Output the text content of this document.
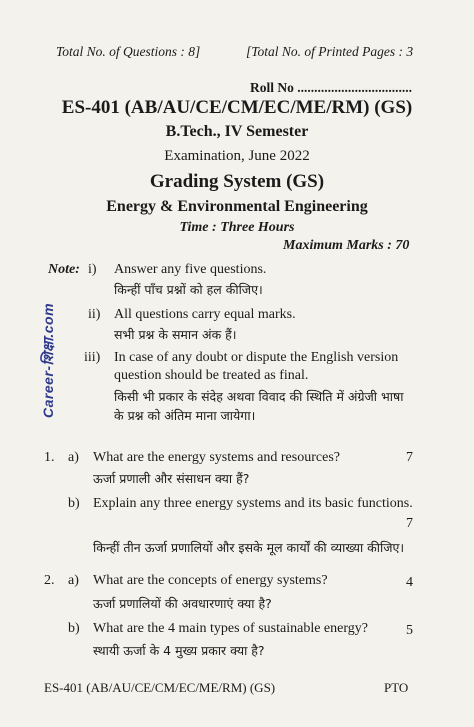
Total No. of Questions : 8]	[Total No. of Printed Pages : 3
Roll No ..................................
ES-401 (AB/AU/CE/CM/EC/ME/RM) (GS)
B.Tech., IV Semester
Examination, June 2022
Grading System (GS)
Energy & Environmental Engineering
Time : Three Hours
Maximum Marks : 70
Career-शिक्षा.com
Note: i) Answer any five questions.
किन्हीं पाँच प्रश्नों को हल कीजिए।
ii) All questions carry equal marks.
सभी प्रश्न के समान अंक हैं।
iii) In case of any doubt or dispute the English version
question should be treated as final.
किसी भी प्रकार के संदेह अथवा विवाद की स्थिति में अंग्रेजी भाषा
के प्रश्न को अंतिम माना जायेगा।
1. a) What are the energy systems and resources?	7
ऊर्जा प्रणाली और संसाधन क्या हैं?
b) Explain any three energy systems and its basic functions.
7
किन्हीं तीन ऊर्जा प्रणालियों और इसके मूल कार्यों की व्याख्या कीजिए।
2. a) What are the concepts of energy systems?	4
ऊर्जा प्रणालियों की अवधारणाएं क्या है?
b) What are the 4 main types of sustainable energy?	5
स्थायी ऊर्जा के 4 मुख्य प्रकार क्या है?
ES-401 (AB/AU/CE/CM/EC/ME/RM) (GS)	PTO
